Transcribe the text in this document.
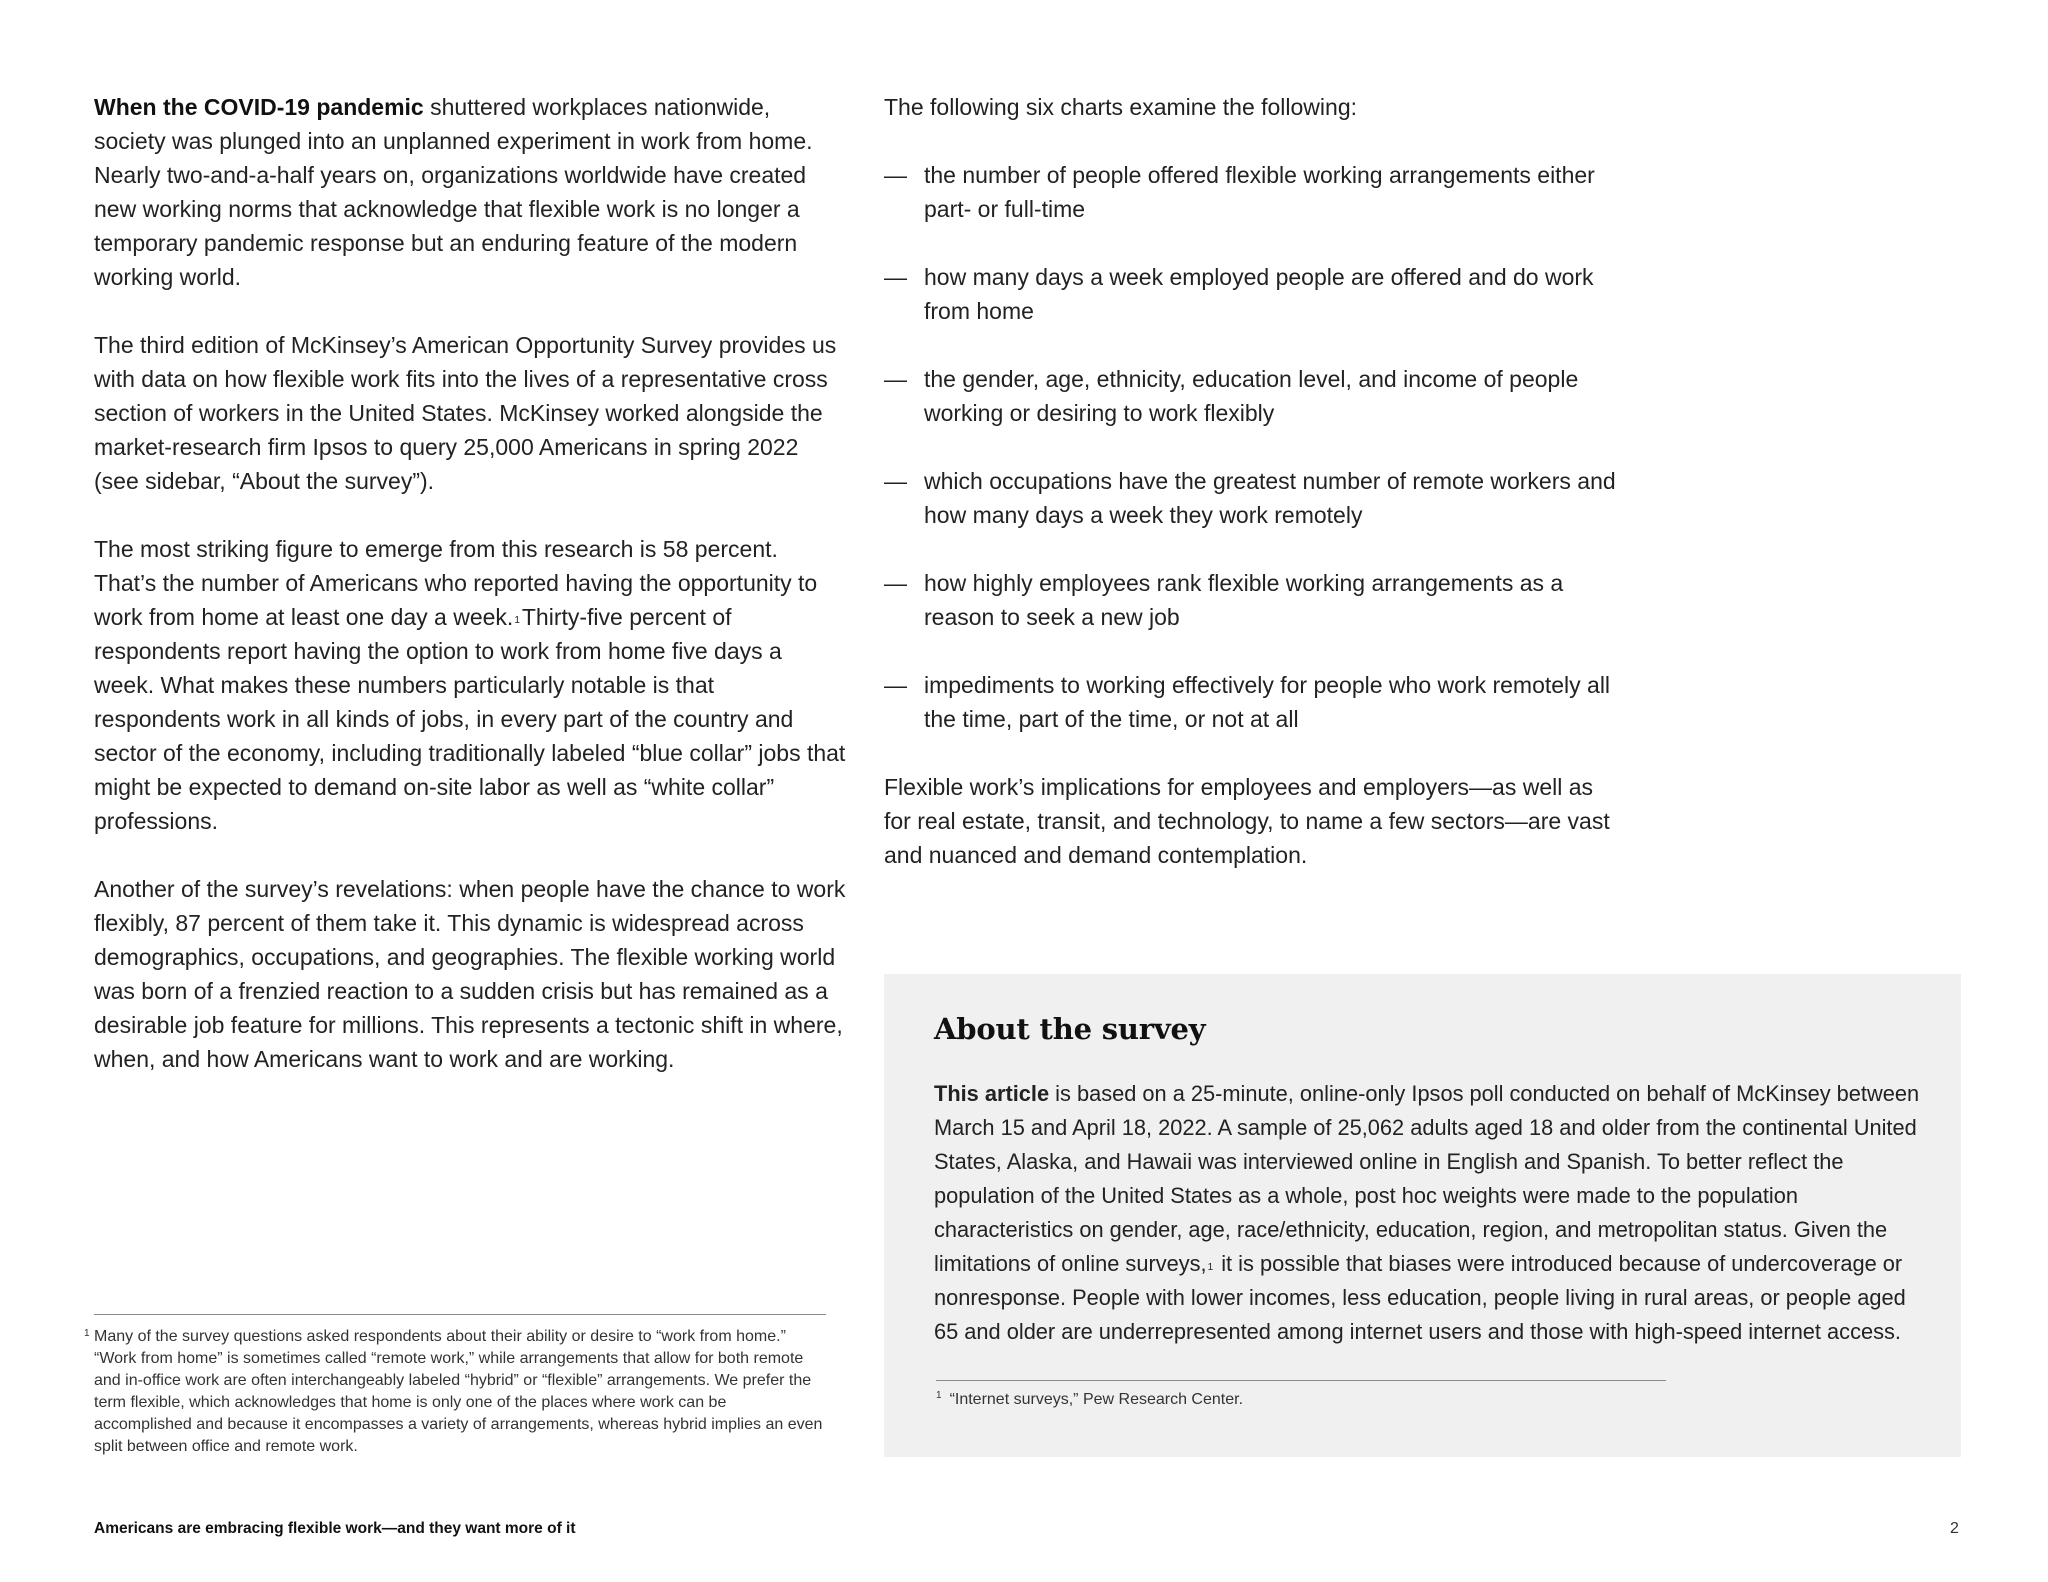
When the COVID-19 pandemic shuttered workplaces nationwide, society was plunged into an unplanned experiment in work from home. Nearly two-and-a-half years on, organizations worldwide have created new working norms that acknowledge that flexible work is no longer a temporary pandemic response but an enduring feature of the modern working world.

The third edition of McKinsey’s American Opportunity Survey provides us with data on how flexible work fits into the lives of a representative cross section of workers in the United States. McKinsey worked alongside the market-research firm Ipsos to query 25,000 Americans in spring 2022 (see sidebar, “About the survey”).

The most striking figure to emerge from this research is 58 percent. That’s the number of Americans who reported having the opportunity to work from home at least one day a week.$^1$Thirty-five percent of respondents report having the option to work from home five days a week. What makes these numbers particularly notable is that respondents work in all kinds of jobs, in every part of the country and sector of the economy, including traditionally labeled “blue collar” jobs that might be expected to demand on-site labor as well as “white collar” professions.

Another of the survey’s revelations: when people have the chance to work flexibly, 87 percent of them take it. This dynamic is widespread across demographics, occupations, and geographies. The flexible working world was born of a frenzied reaction to a sudden crisis but has remained as a desirable job feature for millions. This represents a tectonic shift in where, when, and how Americans want to work and are working.

The following six charts examine the following:

— the number of people offered flexible working arrangements either part- or full-time
— how many days a week employed people are offered and do work from home
— the gender, age, ethnicity, education level, and income of people working or desiring to work flexibly
— which occupations have the greatest number of remote workers and how many days a week they work remotely
— how highly employees rank flexible working arrangements as a reason to seek a new job
— impediments to working effectively for people who work remotely all the time, part of the time, or not at all

Flexible work’s implications for employees and employers—as well as for real estate, transit, and technology, to name a few sectors—are vast and nuanced and demand contemplation.

1 Many of the survey questions asked respondents about their ability or desire to “work from home.” “Work from home” is sometimes called “remote work,” while arrangements that allow for both remote and in-office work are often interchangeably labeled “hybrid” or “flexible” arrangements. We prefer the term flexible, which acknowledges that home is only one of the places where work can be accomplished and because it encompasses a variety of arrangements, whereas hybrid implies an even split between office and remote work.

About the survey

This article is based on a 25-minute, online-only Ipsos poll conducted on behalf of McKinsey between March 15 and April 18, 2022. A sample of 25,062 adults aged 18 and older from the continental United States, Alaska, and Hawaii was interviewed online in English and Spanish. To better reflect the population of the United States as a whole, post hoc weights were made to the population characteristics on gender, age, race/ethnicity, education, region, and metropolitan status. Given the limitations of online surveys,$^1$ it is possible that biases were introduced because of undercoverage or nonresponse. People with lower incomes, less education, people living in rural areas, or people aged 65 and older are underrepresented among internet users and those with high-speed internet access.

$^1$ “Internet surveys,” Pew Research Center.

Americans are embracing flexible work—and they want more of it	2
